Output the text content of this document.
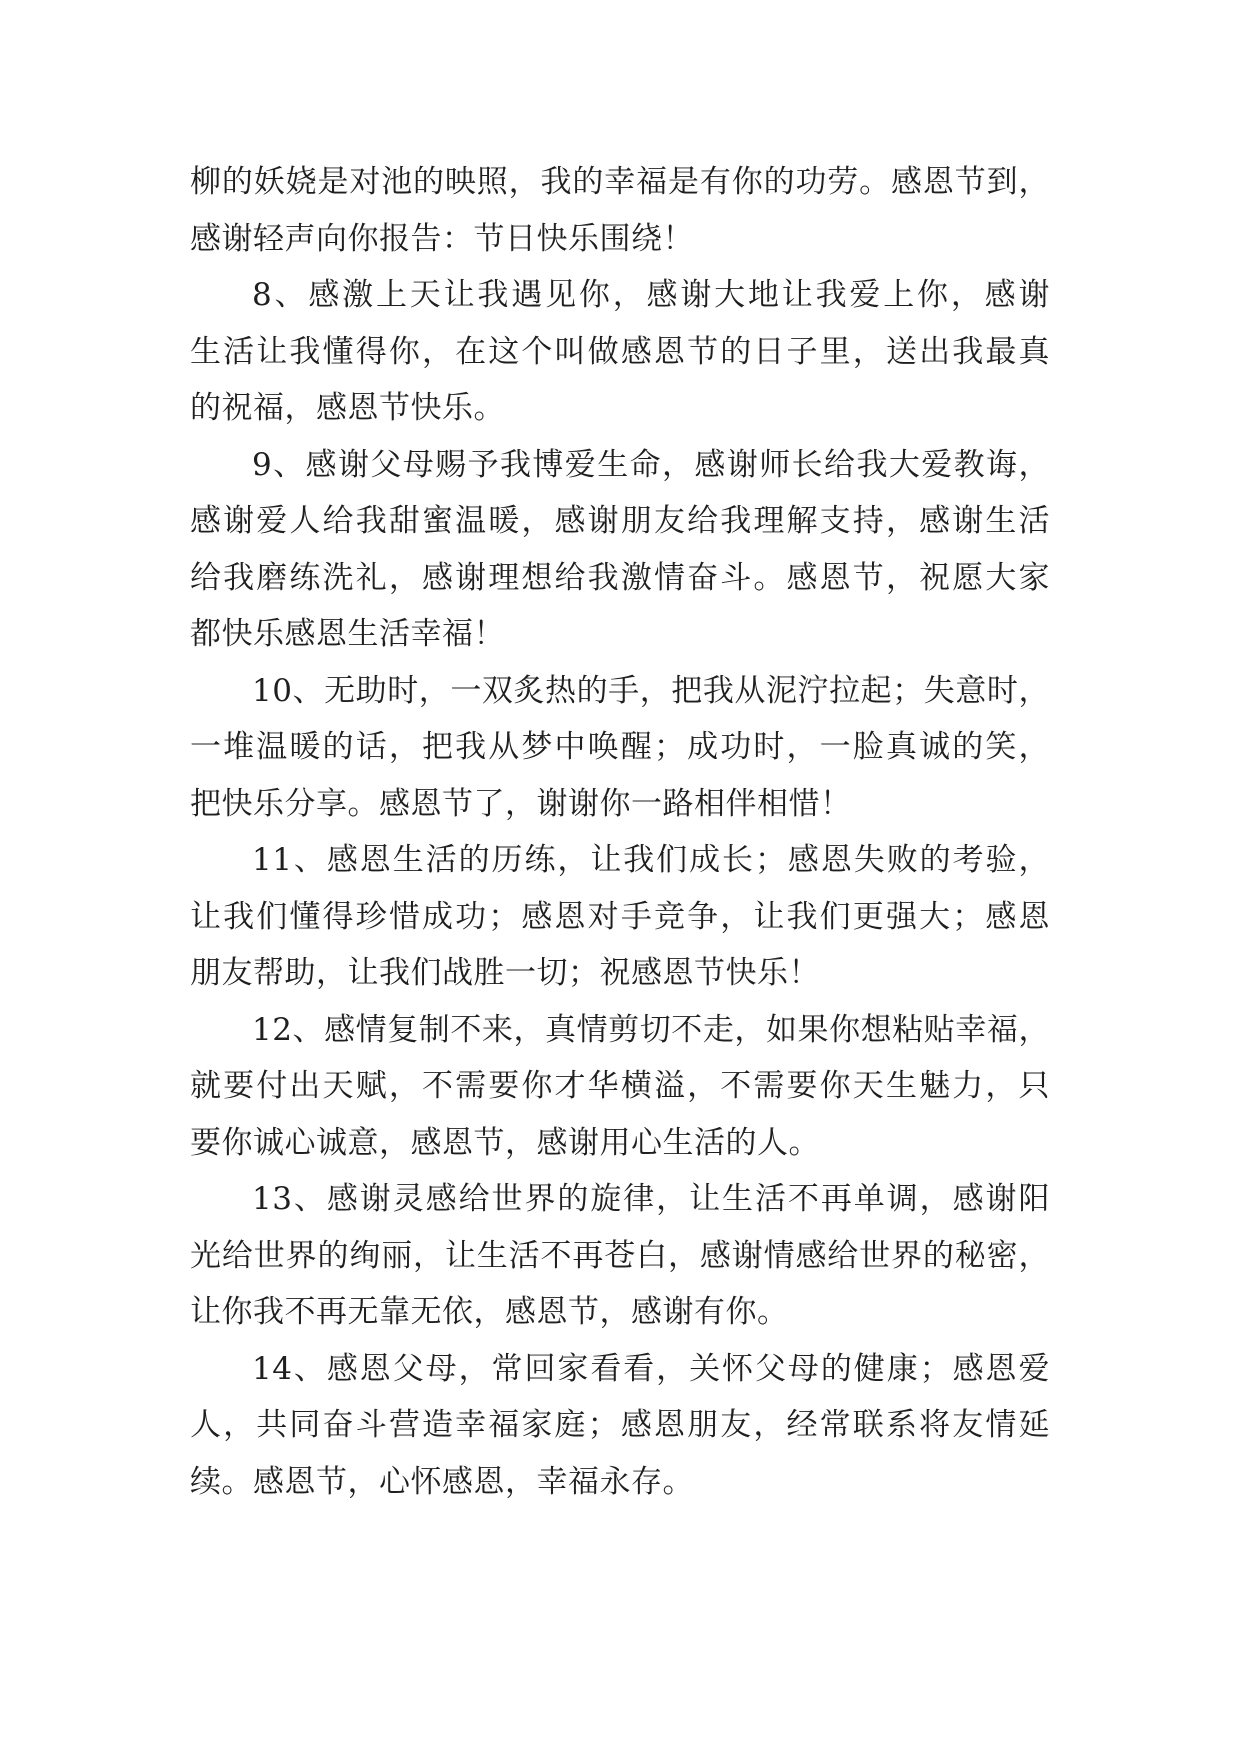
柳的妖娆是对池的映照，我的幸福是有你的功劳。感恩节到，
感谢轻声向你报告：节日快乐围绕！
8、感激上天让我遇见你，感谢大地让我爱上你，感谢
生活让我懂得你，在这个叫做感恩节的日子里，送出我最真
的祝福，感恩节快乐。
9、感谢父母赐予我博爱生命，感谢师长给我大爱教诲，
感谢爱人给我甜蜜温暖，感谢朋友给我理解支持，感谢生活
给我磨练洗礼，感谢理想给我激情奋斗。感恩节，祝愿大家
都快乐感恩生活幸福！
10、无助时，一双炙热的手，把我从泥泞拉起；失意时，
一堆温暖的话，把我从梦中唤醒；成功时，一脸真诚的笑，
把快乐分享。感恩节了，谢谢你一路相伴相惜！
11、感恩生活的历练，让我们成长；感恩失败的考验，
让我们懂得珍惜成功；感恩对手竞争，让我们更强大；感恩
朋友帮助，让我们战胜一切；祝感恩节快乐！
12、感情复制不来，真情剪切不走，如果你想粘贴幸福，
就要付出天赋，不需要你才华横溢，不需要你天生魅力，只
要你诚心诚意，感恩节，感谢用心生活的人。
13、感谢灵感给世界的旋律，让生活不再单调，感谢阳
光给世界的绚丽，让生活不再苍白，感谢情感给世界的秘密，
让你我不再无靠无依，感恩节，感谢有你。
14、感恩父母，常回家看看，关怀父母的健康；感恩爱
人，共同奋斗营造幸福家庭；感恩朋友，经常联系将友情延
续。感恩节，心怀感恩，幸福永存。
